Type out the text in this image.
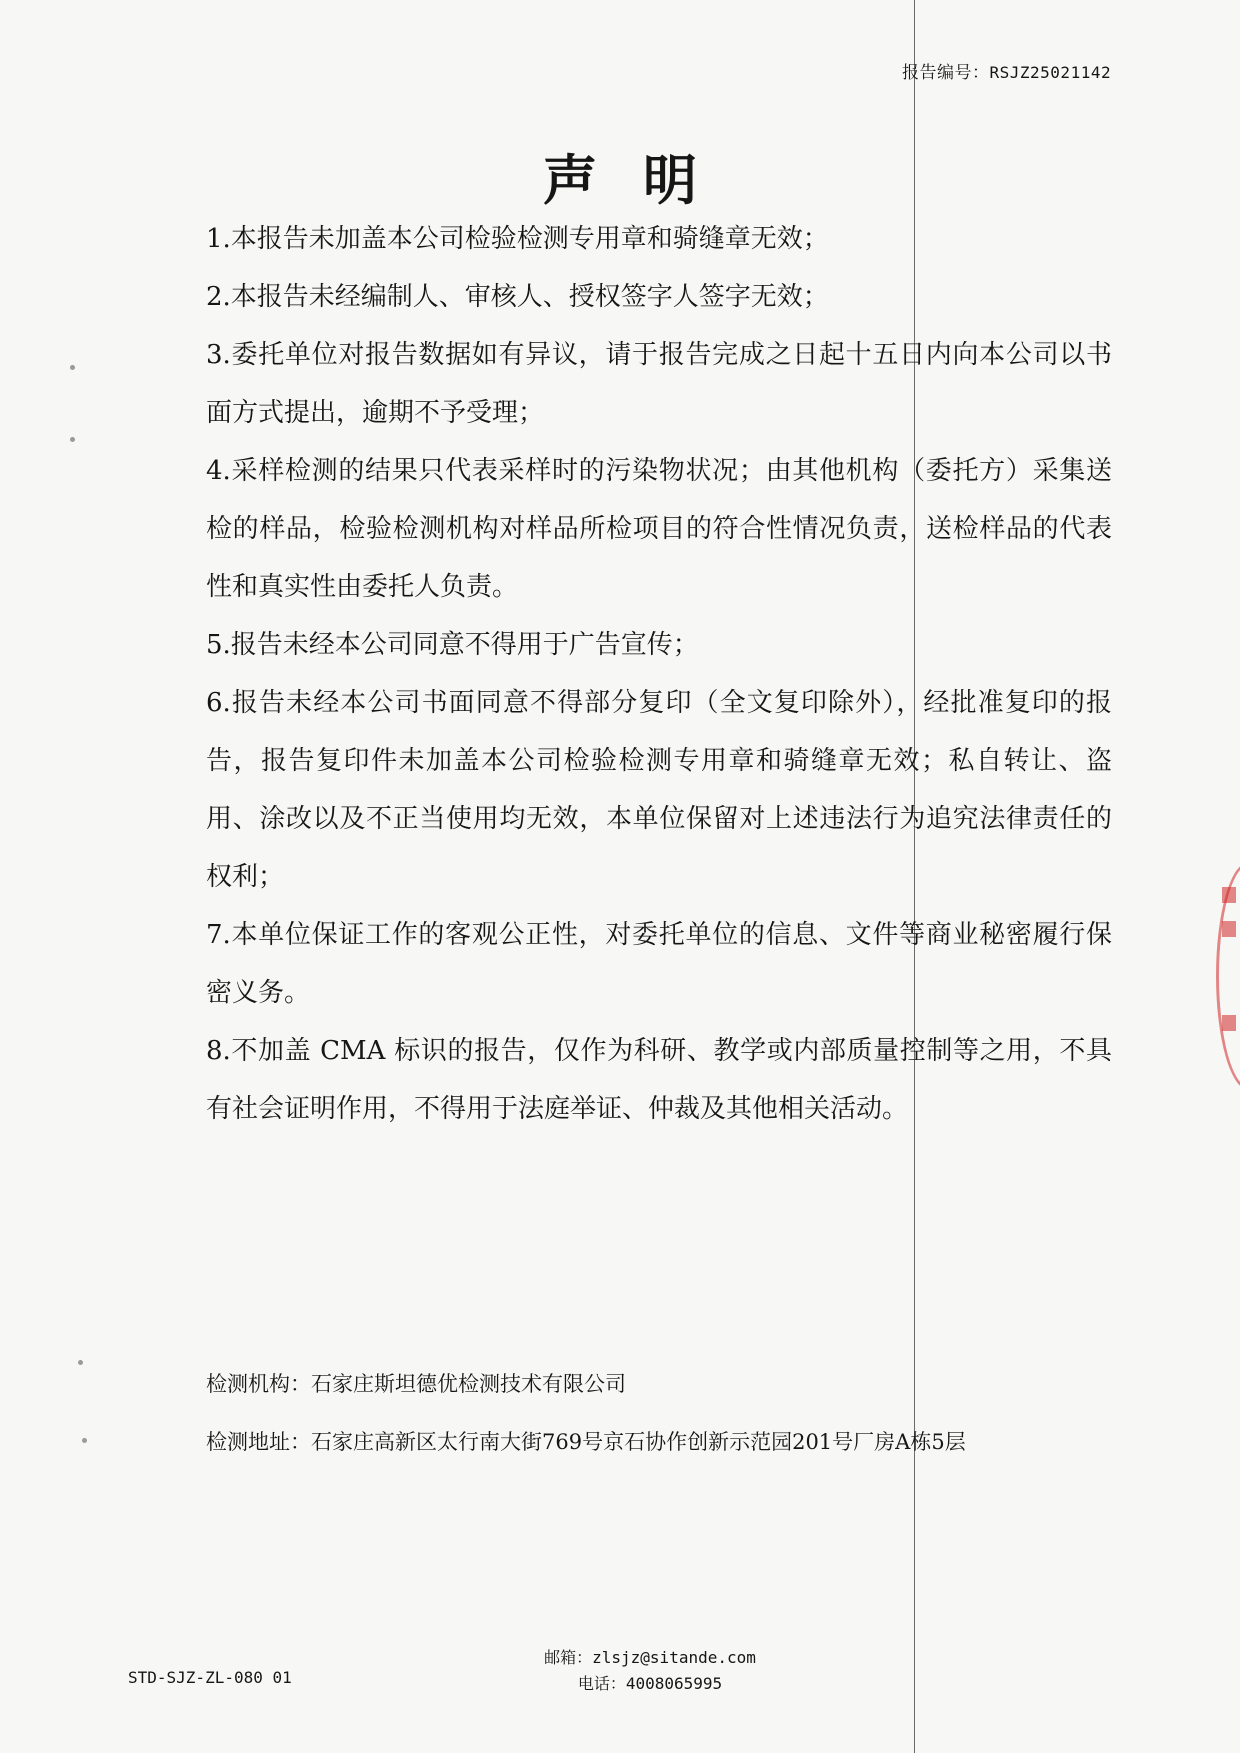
报告编号：RSJZ25021142
声明

1.本报告未加盖本公司检验检测专用章和骑缝章无效；

2.本报告未经编制人、审核人、授权签字人签字无效；

3.委托单位对报告数据如有异议，请于报告完成之日起十五日内向本公司以书面方式提出，逾期不予受理；

4.采样检测的结果只代表采样时的污染物状况；由其他机构（委托方）采集送检的样品，检验检测机构对样品所检项目的符合性情况负责，送检样品的代表性和真实性由委托人负责。

5.报告未经本公司同意不得用于广告宣传；

6.报告未经本公司书面同意不得部分复印（全文复印除外），经批准复印的报告，报告复印件未加盖本公司检验检测专用章和骑缝章无效；私自转让、盗用、涂改以及不正当使用均无效，本单位保留对上述违法行为追究法律责任的权利；

7.本单位保证工作的客观公正性，对委托单位的信息、文件等商业秘密履行保密义务。

8.不加盖 CMA 标识的报告，仅作为科研、教学或内部质量控制等之用，不具有社会证明作用，不得用于法庭举证、仲裁及其他相关活动。

检测机构：石家庄斯坦德优检测技术有限公司
检测地址：石家庄高新区太行南大街769号京石协作创新示范园201号厂房A栋5层
邮箱：zlsjz@sitande.com
电话：4008065995
STD-SJZ-ZL-080 01
